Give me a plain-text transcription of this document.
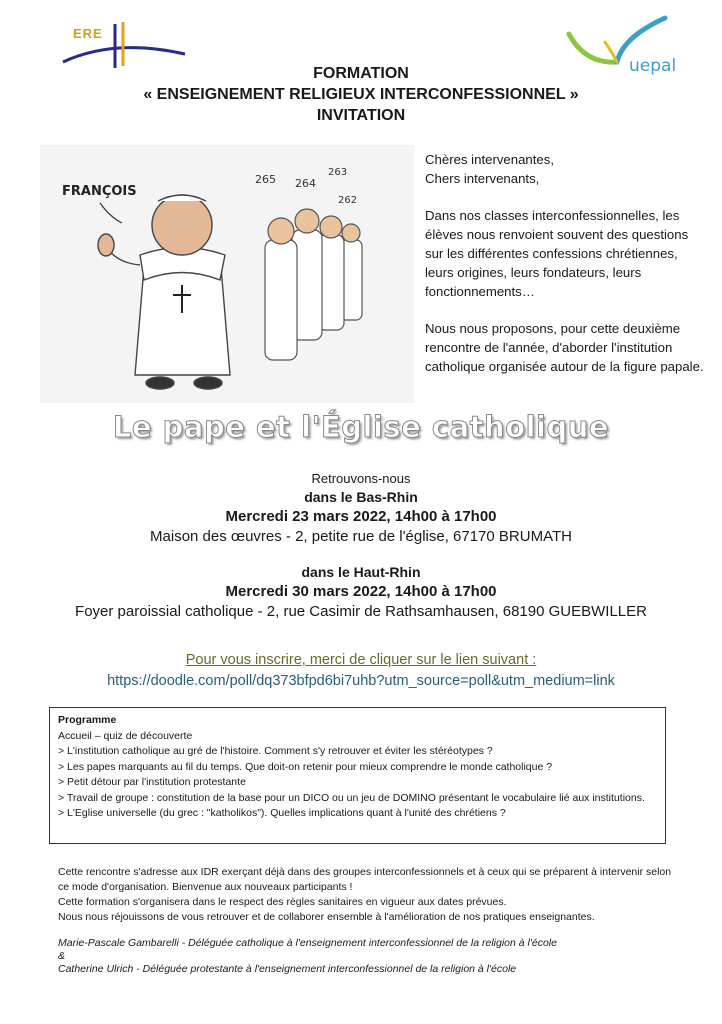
ERE
uepal
FORMATION
« ENSEIGNEMENT RELIGIEUX INTERCONFESSIONNEL »
INVITATION
FRANÇOIS
265 264
263
262

Chères intervenantes,
Chers intervenants,

Dans nos classes interconfessionnelles, les élèves nous renvoient souvent des questions sur les différentes confessions chrétiennes, leurs origines, leurs fondateurs, leurs fonctionnements…

Nous nous proposons, pour cette deuxième rencontre de l'année, d'aborder l'institution catholique organisée autour de la figure papale.

Le pape et l'Église catholique
Retrouvons-nous
dans le Bas-Rhin
Mercredi 23 mars 2022, 14h00 à 17h00
Maison des œuvres - 2, petite rue de l'église, 67170 BRUMATH
dans le Haut-Rhin
Mercredi 30 mars 2022, 14h00 à 17h00
Foyer paroissial catholique - 2, rue Casimir de Rathsamhausen, 68190 GUEBWILLER
Pour vous inscrire, merci de cliquer sur le lien suivant :
https://doodle.com/poll/dq373bfpd6bi7uhb?utm_source=poll&utm_medium=link
Programme
Accueil – quiz de découverte
> L'institution catholique au gré de l'histoire. Comment s'y retrouver et éviter les stéréotypes ?
> Les papes marquants au fil du temps. Que doit-on retenir pour mieux comprendre le monde catholique ?
> Petit détour par l'institution protestante
> Travail de groupe : constitution de la base pour un DICO ou un jeu de DOMINO présentant le vocabulaire lié aux institutions.
> L'Eglise universelle (du grec : "katholikos"). Quelles implications quant à l'unité des chrétiens ?
Cette rencontre s'adresse aux IDR exerçant déjà dans des groupes interconfessionnels et à ceux qui se préparent à intervenir selon ce mode d'organisation. Bienvenue aux nouveaux participants !
Cette formation s'organisera dans le respect des règles sanitaires en vigueur aux dates prévues.
Nous nous réjouissons de vous retrouver et de collaborer ensemble à l'amélioration de nos pratiques enseignantes.
Marie-Pascale Gambarelli - Déléguée catholique à l'enseignement interconfessionnel de la religion à l'école
&
Catherine Ulrich - Déléguée protestante à l'enseignement interconfessionnel de la religion à l'école
